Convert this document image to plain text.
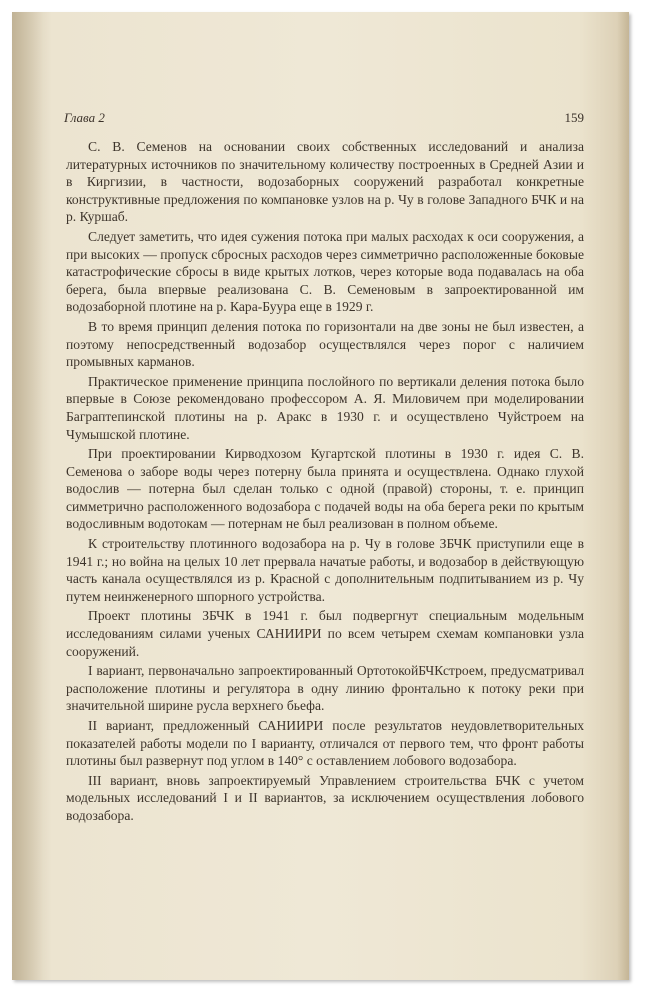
Глава 2	159

С. В. Семенов на основании своих собственных исследований и анализа литературных источников по значительному количеству построенных в Средней Азии и в Киргизии, в частности, водозаборных сооружений разработал конкретные конструктивные предложения по компановке узлов на р. Чу в голове Западного БЧК и на р. Куршаб.

Следует заметить, что идея сужения потока при малых расходах к оси сооружения, а при высоких — пропуск сбросных расходов через симметрично расположенные боковые катастрофические сбросы в виде крытых лотков, через которые вода подавалась на оба берега, была впервые реализована С. В. Семеновым в запроектированной им водозаборной плотине на р. Кара-Буура еще в 1929 г.

В то время принцип деления потока по горизонтали на две зоны не был известен, а поэтому непосредственный водозабор осуществлялся через порог с наличием промывных карманов.

Практическое применение принципа послойного по вертикали деления потока было впервые в Союзе рекомендовано профессором А. Я. Миловичем при моделировании Баграптепинской плотины на р. Аракс в 1930 г. и осуществлено Чуйстроем на Чумышской плотине.

При проектировании Кирводхозом Кугартской плотины в 1930 г. идея С. В. Семенова о заборе воды через потерну была принята и осуществлена. Однако глухой водослив — потерна был сделан только с одной (правой) стороны, т. е. принцип симметрично расположенного водозабора с подачей воды на оба берега реки по крытым водосливным водотокам — потернам не был реализован в полном объеме.

К строительству плотинного водозабора на р. Чу в голове ЗБЧК приступили еще в 1941 г.; но война на целых 10 лет прервала начатые работы, и водозабор в действующую часть канала осуществлялся из р. Красной с дополнительным подпитыванием из р. Чу путем неинженерного шпорного устройства.

Проект плотины ЗБЧК в 1941 г. был подвергнут специальным модельным исследованиям силами ученых САНИИРИ по всем четырем схемам компановки узла сооружений.

I вариант, первоначально запроектированный ОртотокойБЧКстроем, предусматривал расположение плотины и регулятора в одну линию фронтально к потоку реки при значительной ширине русла верхнего бьефа.

II вариант, предложенный САНИИРИ после результатов неудовлетворительных показателей работы модели по I варианту, отличался от первого тем, что фронт работы плотины был развернут под углом в 140° с оставлением лобового водозабора.

III вариант, вновь запроектируемый Управлением строительства БЧК с учетом модельных исследований I и II вариантов, за исключением осуществления лобового водозабора.
